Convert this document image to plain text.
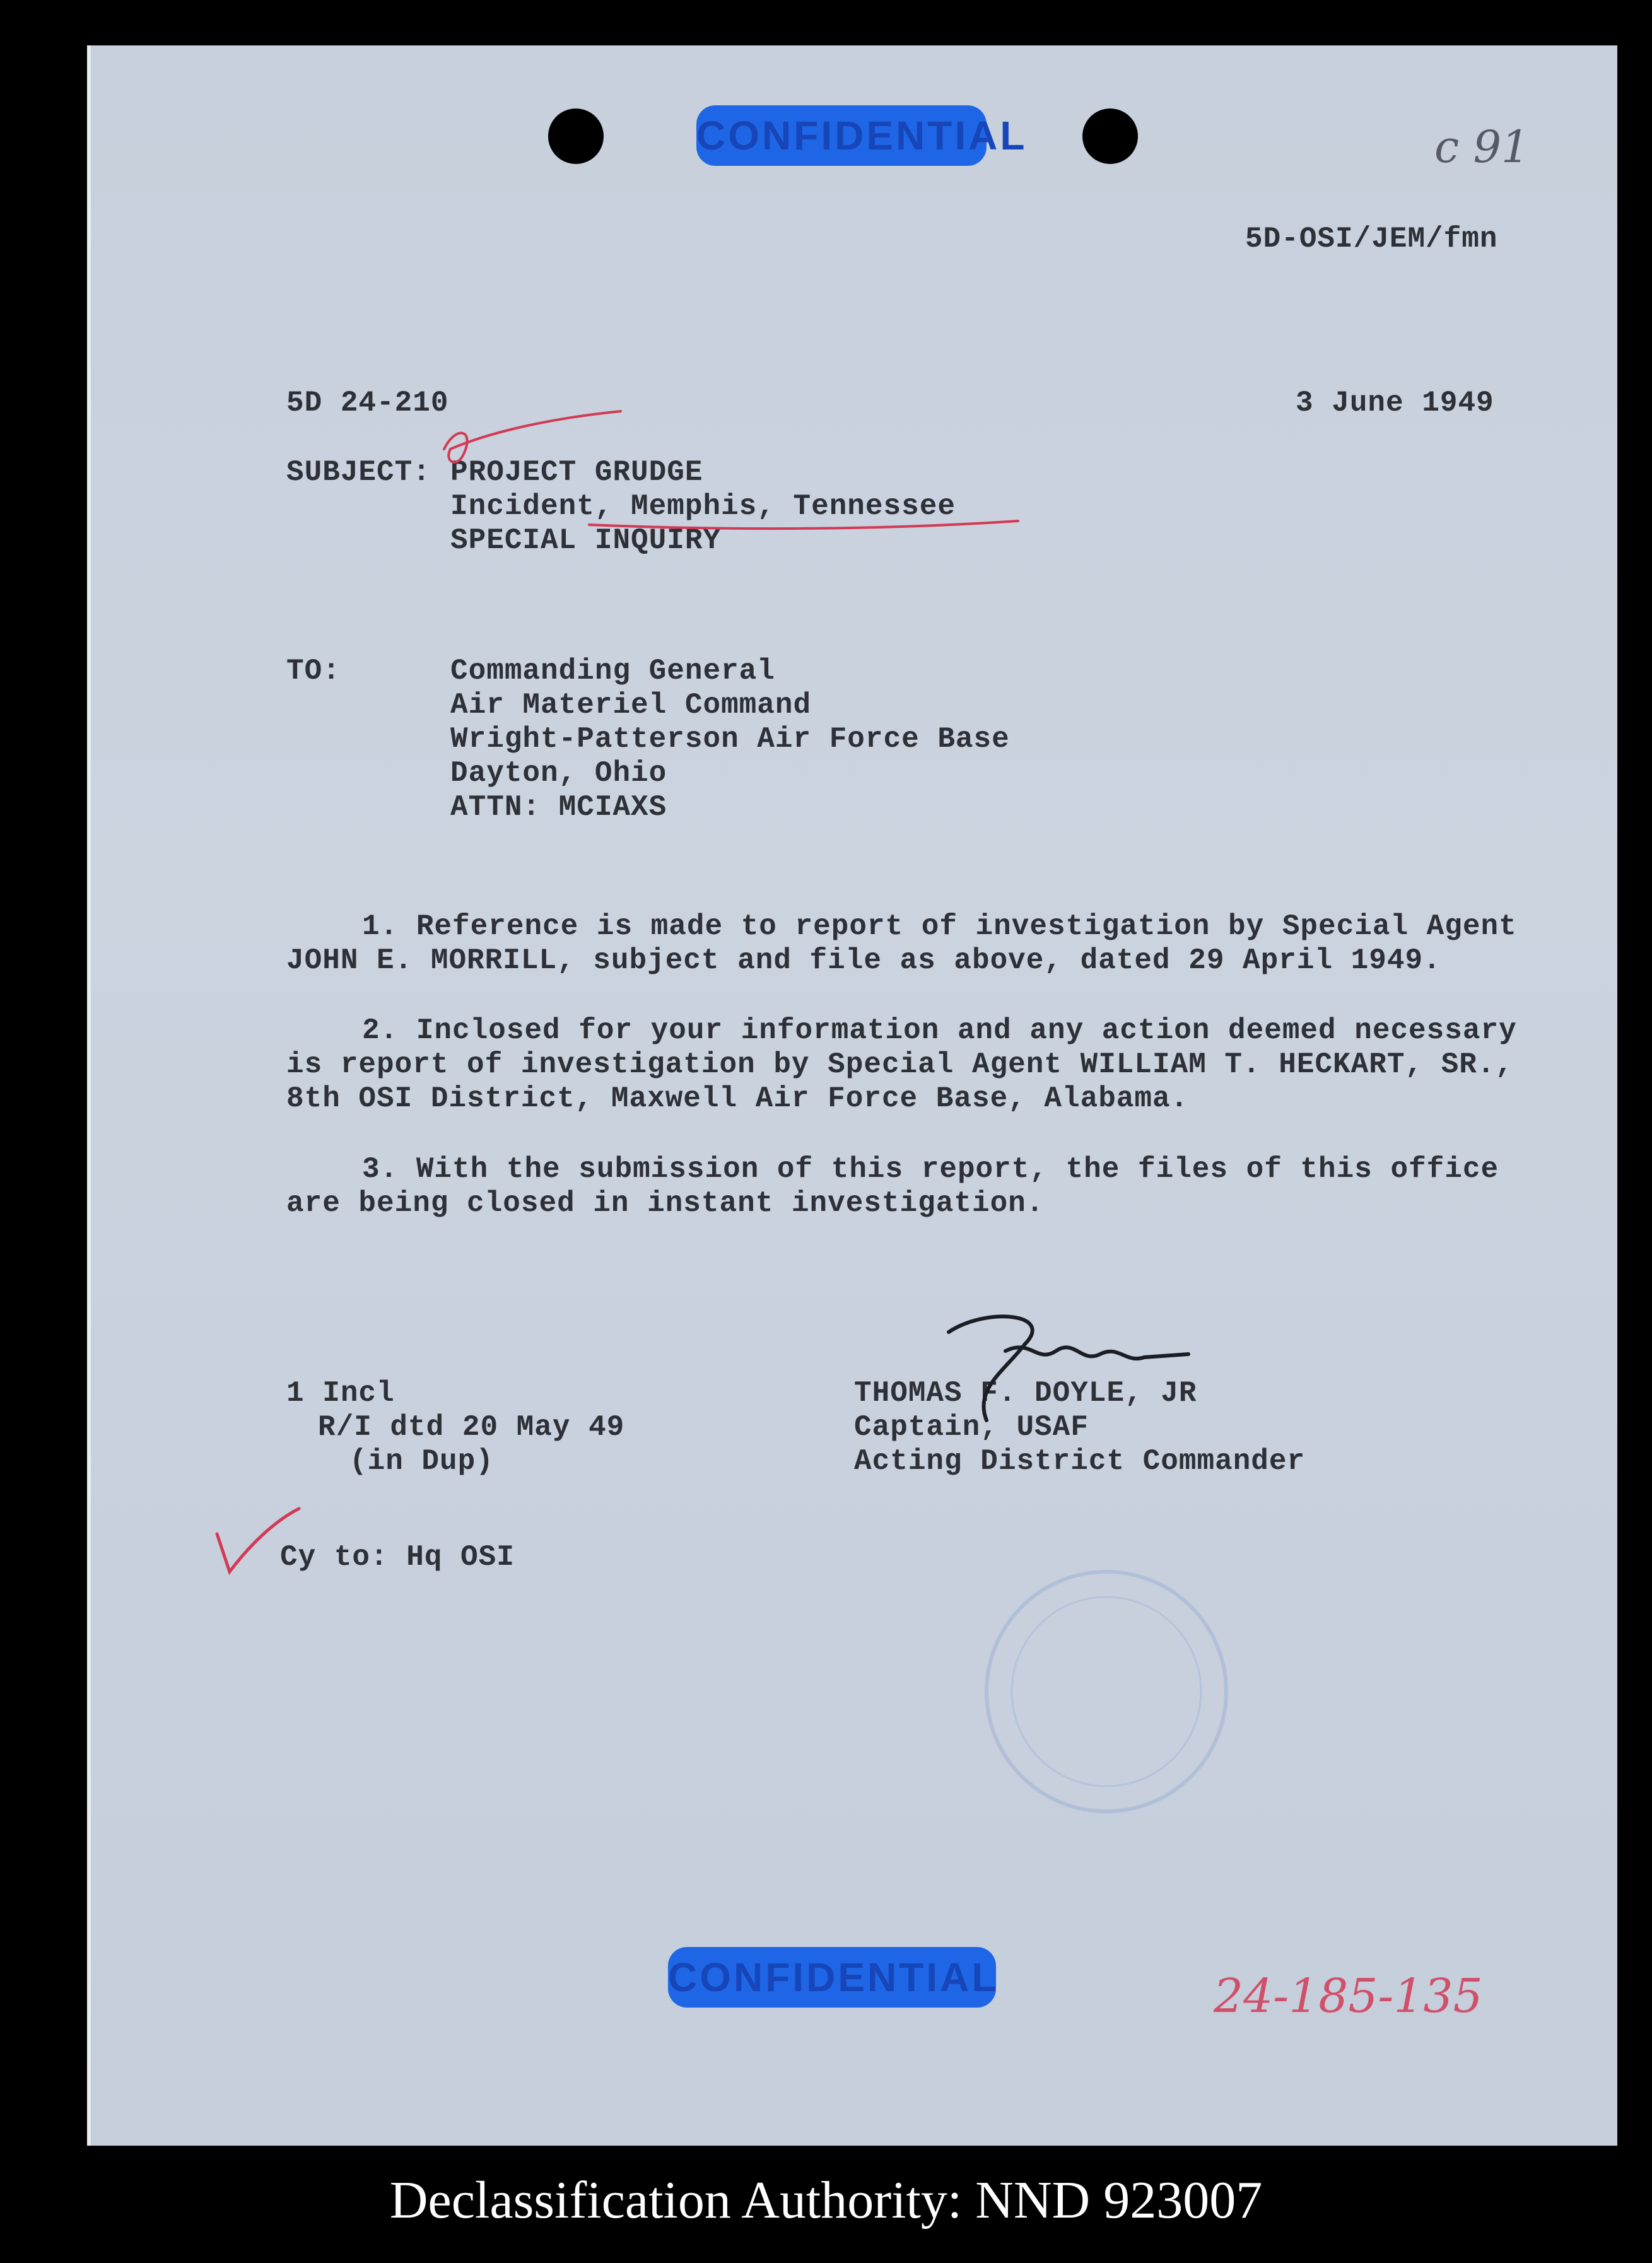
CONFIDENTIAL	c 91
5D-OSI/JEM/fmn
5D 24-210	3 June 1949
SUBJECT: PROJECT GRUDGE
Incident, Memphis, Tennessee
SPECIAL INQUIRY
TO:	Commanding General
Air Materiel Command
Wright-Patterson Air Force Base
Dayton, Ohio
ATTN: MCIAXS
1. Reference is made to report of investigation by Special Agent
JOHN E. MORRILL, subject and file as above, dated 29 April 1949.
2. Inclosed for your information and any action deemed necessary
is report of investigation by Special Agent WILLIAM T. HECKART, SR.,
8th OSI District, Maxwell Air Force Base, Alabama.
3. With the submission of this report, the files of this office
are being closed in instant investigation.
1 Incl
R/I dtd 20 May 49
(in Dup)
THOMAS F. DOYLE, JR
Captain, USAF
Acting District Commander
Cy to: Hq OSI
CONFIDENTIAL	24-185-135
Declassification Authority: NND 923007
